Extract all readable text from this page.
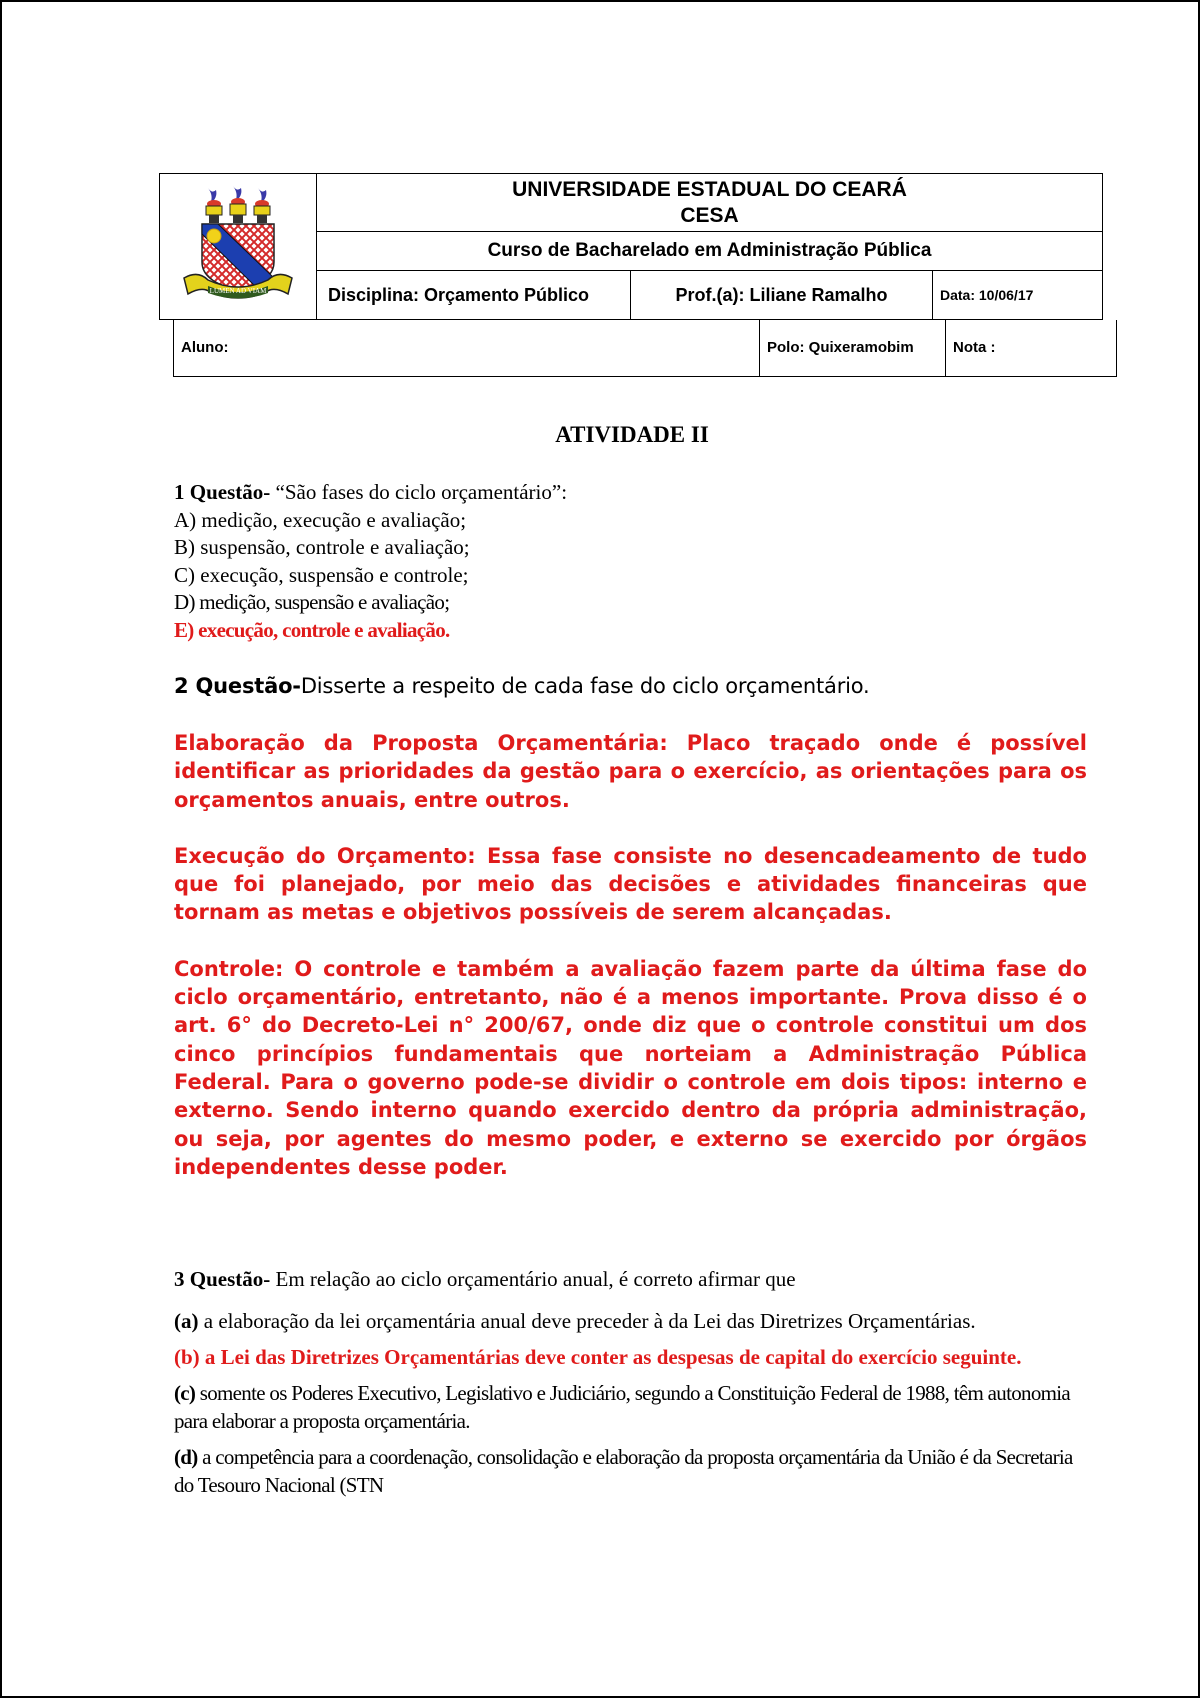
LUMEN AD VIAM
UNIVERSIDADE ESTADUAL DO CEARÁ
CESA
Curso de Bacharelado em Administração Pública
Disciplina: Orçamento Público	Prof.(a): Liliane Ramalho	Data: 10/06/17
Aluno:	Polo: Quixeramobim	Nota :
ATIVIDADE II
1 Questão- “São fases do ciclo orçamentário”:
A) medição, execução e avaliação;
B) suspensão, controle e avaliação;
C) execução, suspensão e controle;
D) medição, suspensão e avaliação;
E) execução, controle e avaliação.
2 Questão-Disserte a respeito de cada fase do ciclo orçamentário.

Elaboração da Proposta Orçamentária: Placo traçado onde é possível identificar as prioridades da gestão para o exercício, as orientações para os orçamentos anuais, entre outros.

Execução do Orçamento: Essa fase consiste no desencadeamento de tudo que foi planejado, por meio das decisões e atividades financeiras que tornam as metas e objetivos possíveis de serem alcançadas.

Controle: O controle e também a avaliação fazem parte da última fase do ciclo orçamentário, entretanto, não é a menos importante. Prova disso é o art. 6° do Decreto-Lei n° 200/67, onde diz que o controle constitui um dos cinco princípios fundamentais que norteiam a Administração Pública Federal. Para o governo pode-se dividir o controle em dois tipos: interno e externo. Sendo interno quando exercido dentro da própria administração, ou seja, por agentes do mesmo poder, e externo se exercido por órgãos independentes desse poder.

3 Questão- Em relação ao ciclo orçamentário anual, é correto afirmar que

(a) a elaboração da lei orçamentária anual deve preceder à da Lei das Diretrizes Orçamentárias.

(b) a Lei das Diretrizes Orçamentárias deve conter as despesas de capital do exercício seguinte.

(c) somente os Poderes Executivo, Legislativo e Judiciário, segundo a Constituição Federal de 1988, têm autonomia para elaborar a proposta orçamentária.

(d) a competência para a coordenação, consolidação e elaboração da proposta orçamentária da União é da Secretaria do Tesouro Nacional (STN
